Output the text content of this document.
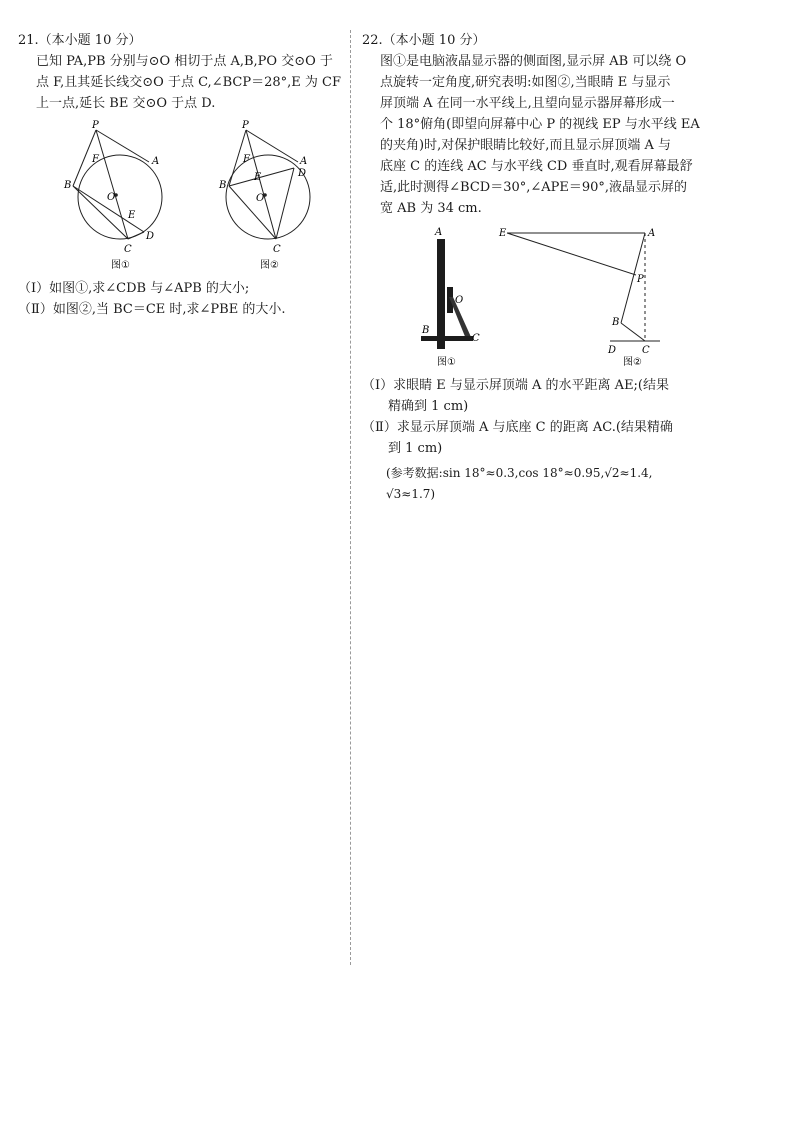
21.（本小题 10 分）

已知 PA,PB 分别与⊙O 相切于点 A,B,PO 交⊙O 于

点 F,且其延长线交⊙O 于点 C,∠BCP＝28°,E 为 CF

上一点,延长 BE 交⊙O 于点 D.

P
A
B
F
O
E
D
C
图①
P
A
D
B
F
E
O
C
图②

（Ⅰ）如图①,求∠CDB 与∠APB 的大小;

（Ⅱ）如图②,当 BC＝CE 时,求∠PBE 的大小.

22.（本小题 10 分）

图①是电脑液晶显示器的侧面图,显示屏 AB 可以绕 O

点旋转一定角度,研究表明:如图②,当眼睛 E 与显示

屏顶端 A 在同一水平线上,且望向显示器屏幕形成一

个 18°俯角(即望向屏幕中心 P 的视线 EP 与水平线 EA

的夹角)时,对保护眼睛比较好,而且显示屏顶端 A 与

底座 C 的连线 AC 与水平线 CD 垂直时,观看屏幕最舒

适,此时测得∠BCD＝30°,∠APE＝90°,液晶显示屏的

宽 AB 为 34 cm.

A
O
B
C
图①
E	A
P
B
D	C
图②

（Ⅰ）求眼睛 E 与显示屏顶端 A 的水平距离 AE;(结果

精确到 1 cm)

（Ⅱ）求显示屏顶端 A 与底座 C 的距离 AC.(结果精确

到 1 cm)

(参考数据:sin 18°≈0.3,cos 18°≈0.95,√2≈1.4,

√3≈1.7)
